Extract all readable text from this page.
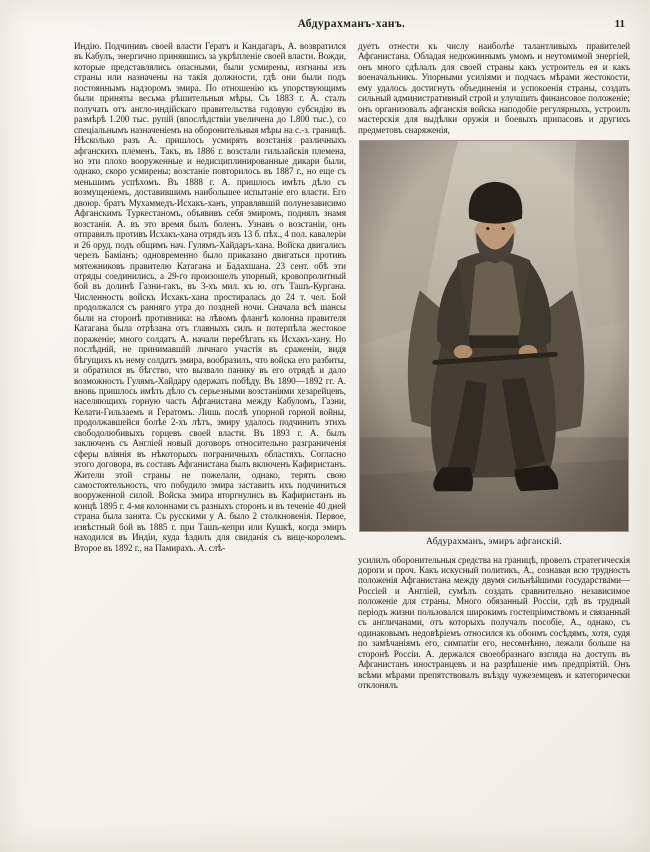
Абдурахманъ-ханъ.	11
Индію. Подчинивъ своей власти Гератъ и Кандагаръ, А. возвратился въ Кабулъ, энергично принявшись за укрѣпленіе своей власти. Вожди, которые представлялись опасными, были усмирены, изгнаны изъ страны или назначены на такія должности, гдѣ они были подъ постояннымъ надзоромъ эмира. По отношенію къ упорствующимъ были приняты весьма рѣшительныя мѣры. Съ 1883 г. А. сталъ получать отъ англо-индійскаго правительства годовую субсидію въ размѣрѣ 1.200 тыс. рупій (впослѣдствіи увеличена до 1.800 тыс.), со спеціальнымъ назначеніемъ на оборонительныя мѣры на с.-з. границѣ. Нѣсколько разъ А. пришлось усмирять возстанія различныхъ афганскихъ племенъ. Такъ, въ 1886 г. возстали гильзайскія племена, но эти плохо вооруженные и недисциплинированные дикари были, однако, скоро усмирены; возстаніе повторилось въ 1887 г., но еще съ меньшимъ успѣхомъ. Въ 1888 г. А. пришлось имѣть дѣло съ возмущеніемъ, доставившимъ наибольшее испытаніе его власти. Его двоюр. братъ Мухаммедъ-Исхакъ-ханъ, управлявшій полунезависимо Афганскимъ Туркестаномъ, объявивъ себя эмиромъ, поднялъ знамя возстанія. А. въ это время былъ боленъ. Узнавъ о возстаніи, онъ отправилъ противъ Исхакъ-хана отрядъ изъ 13 б. пѣх., 4 пол. кавалеріи и 26 оруд. подъ общимъ нач. Гулямъ-Хайдаръ-хана. Войска двигались черезъ Баміанъ; одновременно было приказано двигаться противъ мятежниковъ правителю Катагана и Бадахшана. 23 сент. обѣ эти отряды соединились, а 29-го произошелъ упорный, кровопролитный бой въ долинѣ Газни-гакъ, въ 3-хъ мил. къ ю. отъ Ташъ-Кургана. Численность войскъ Исхакъ-хана простиралась до 24 т. чел. Бой продолжался съ ранняго утра до поздней ночи. Сначала всѣ шансы были на сторонѣ противника: на лѣвомъ флангѣ колонна правителя Катагана была отрѣзана отъ главныхъ силъ и потерпѣла жестокое пораженіе; много солдатъ А. начали перебѣгать къ Исхакъ-хану. Но послѣдній, не принимавшій личнаго участія въ сраженіи, видя бѣгущихъ къ нему солдатъ эмира, вообразилъ, что войска его разбиты, и обратился въ бѣгство, что вызвало панику въ его отрядѣ и дало возможность Гулямъ-Хайдару одержать побѣду. Въ 1890—1892 гг. А. вновь пришлось имѣть дѣло съ серьезными возстаніями хезарейцевъ, населяющихъ горную часть Афганистана между Кабуломъ, Газни, Келати-Гильзаемъ и Гератомъ. Лишь послѣ упорной горной войны, продолжавшейся болѣе 2-хъ лѣтъ, эмиру удалось подчинить этихъ свободолюбивыхъ горцевъ своей власти. Въ 1893 г. А. былъ заключенъ съ Англіей новый договоръ относительно разграниченія сферы вліянія въ нѣкоторыхъ пограничныхъ областяхъ. Согласно этого договора, въ составъ Афганистана былъ включенъ Кафиристанъ. Жители этой страны не пожелали, однако, терять свою самостоятельность, что побудило эмира заставить ихъ подчиниться вооруженной силой. Войска эмира вторгнулись въ Кафиристанъ въ концѣ 1895 г. 4-мя колоннами съ разныхъ сторонъ и въ теченіе 40 дней страна была занята. Съ русскими у А. было 2 столкновенія. Первое, извѣстный бой въ 1885 г. при Ташъ-кепри или Кушкѣ, когда эмиръ находился въ Индіи, куда ѣздилъ для свиданія съ вице-королемъ. Второе въ 1892 г., на Памирахъ. А. слѣ-
дуетъ отнести къ числу наиболѣе талантливыхъ правителей Афганистана. Обладая недюжиннымъ умомъ и неутомимой энергіей, онъ много сдѣлалъ для своей страны какъ устроитель ея и какъ военачальникъ. Упорными усиліями и подчасъ мѣрами жестокости, ему удалось достигнуть объединенія и успокоенія страны, создать сильный административный строй и улучшить финансовое положеніе; онъ организовалъ афганскія войска наподобіе регулярныхъ, устроилъ мастерскія для выдѣлки оружія и боевыхъ припасовъ и другихъ предметовъ снаряженія,
Абдурахманъ, эмиръ афганскій.
усилилъ оборонительныя средства на границѣ, провелъ стратегическія дороги и проч. Какъ искусный политикъ, А., сознавая всю трудность положенія Афганистана между двумя сильнѣйшими государствами—Россіей и Англіей, сумѣлъ создать сравнительно независимое положеніе для страны. Много обязанный Россіи, гдѣ въ трудный періодъ жизни пользовался широкимъ гостепріимствомъ и связанный съ англичанами, отъ которыхъ получалъ пособіе, А., однако, съ одинаковымъ недовѣріемъ относился къ обоимъ сосѣдямъ, хотя, судя по замѣчаніямъ его, симпатіи его, несомнѣнно, лежали больше на сторонѣ Россіи. А. держался своеобразнаго взгляда на доступъ въ Афганистанъ иностранцевъ и на разрѣшеніе имъ предпріятій. Онъ всѣми мѣрами препятствовалъ въѣзду чужеземцевъ и категорически отклонялъ
